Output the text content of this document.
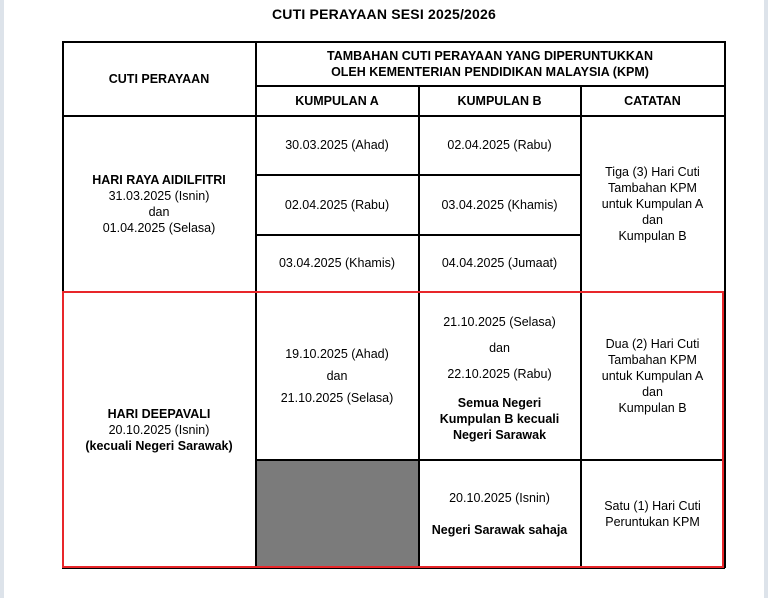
CUTI PERAYAAN SESI 2025/2026
CUTI PERAYAAN
TAMBAHAN CUTI PERAYAAN YANG DIPERUNTUKKAN
OLEH KEMENTERIAN PENDIDIKAN MALAYSIA (KPM)
KUMPULAN A	KUMPULAN B	CATATAN
HARI RAYA AIDILFITRI
31.03.2025 (Isnin)
dan
01.04.2025 (Selasa)
30.03.2025 (Ahad)
02.04.2025 (Rabu)
03.04.2025 (Khamis)
02.04.2025 (Rabu)
03.04.2025 (Khamis)
04.04.2025 (Jumaat)
Tiga (3) Hari Cuti
Tambahan KPM
untuk Kumpulan A
dan
Kumpulan B
HARI DEEPAVALI
20.10.2025 (Isnin)
(kecuali Negeri Sarawak)
19.10.2025 (Ahad)
dan
21.10.2025 (Selasa)
21.10.2025 (Selasa)
dan
22.10.2025 (Rabu)
Semua Negeri
Kumpulan B kecuali
Negeri Sarawak
Dua (2) Hari Cuti
Tambahan KPM
untuk Kumpulan A
dan
Kumpulan B
20.10.2025 (Isnin)
Negeri Sarawak sahaja
Satu (1) Hari Cuti
Peruntukan KPM
